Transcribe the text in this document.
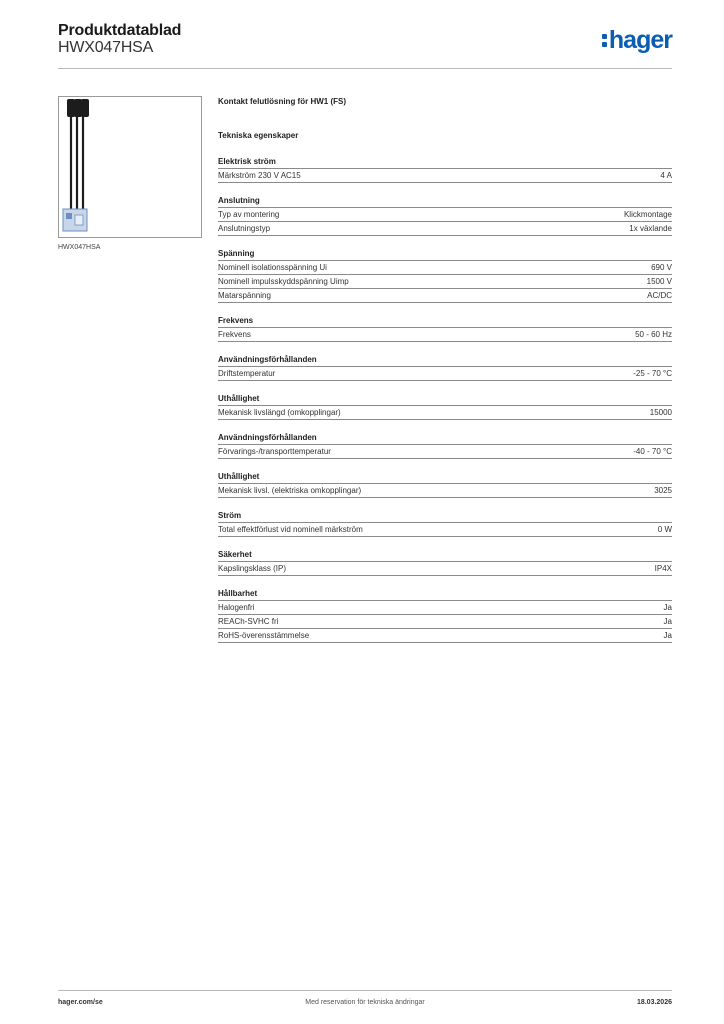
Produktdatablad
HWX047HSA	hager
HWX047HSA
Kontakt felutlösning för HW1 (FS)
Tekniska egenskaper
Elektrisk ström
Märkström 230 V AC15	4 A
Anslutning
Typ av montering	Klickmontage
Anslutningstyp	1x växlande
Spänning
Nominell isolationsspänning Ui	690 V
Nominell impulsskyddspänning Uimp	1500 V
Matarspänning	AC/DC
Frekvens
Frekvens	50 - 60 Hz
Användningsförhållanden
Driftstemperatur	-25 - 70 °C
Uthållighet
Mekanisk livslängd (omkopplingar)	15000
Användningsförhållanden
Förvarings-/transporttemperatur	-40 - 70 °C
Uthållighet
Mekanisk livsl. (elektriska omkopplingar)	3025
Ström
Total effektförlust vid nominell märkström	0 W
Säkerhet
Kapslingsklass (IP)	IP4X
Hållbarhet
Halogenfri	Ja
REACh-SVHC fri	Ja
RoHS-överensstämmelse	Ja
hager.com/se	Med reservation för tekniska ändringar	18.03.2026
